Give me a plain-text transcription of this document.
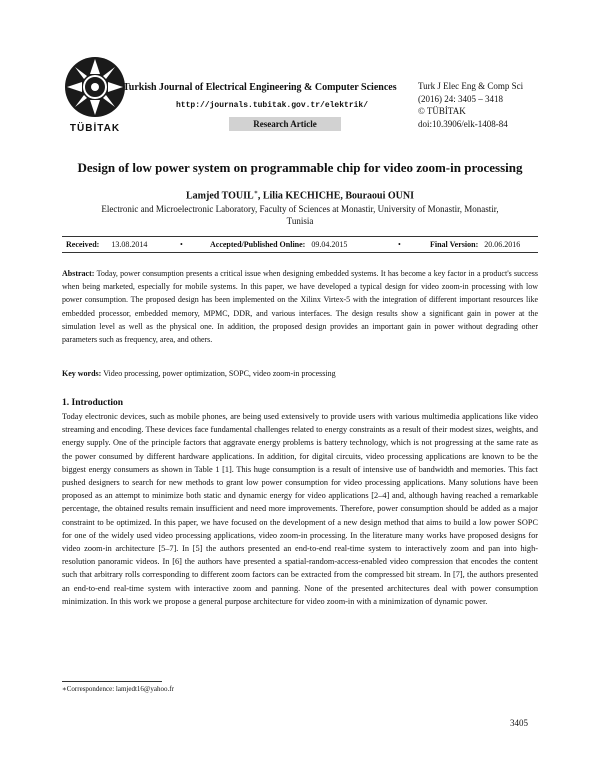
TÜBİTAK
Turkish Journal of Electrical Engineering & Computer Sciences
http://journals.tubitak.gov.tr/elektrik/
Research Article
Turk J Elec Eng & Comp Sci
(2016) 24: 3405 – 3418
© TÜBİTAK
doi:10.3906/elk-1408-84
Design of low power system on programmable chip for video zoom-in processing
Lamjed TOUIL∗, Lilia KECHICHE, Bouraoui OUNI
Electronic and Microelectronic Laboratory, Faculty of Sciences at Monastir, University of Monastir, Monastir, Tunisia
Received: 13.08.2014	•	Accepted/Published Online: 09.04.2015	•	Final Version: 20.06.2016
Abstract: Today, power consumption presents a critical issue when designing embedded systems. It has become a key factor in a product's success when being marketed, especially for mobile systems. In this paper, we have developed a typical design for video zoom-in processing with low power consumption. The proposed design has been implemented on the Xilinx Virtex-5 with the integration of different important resources like embedded processor, embedded memory, MPMC, DDR, and various interfaces. The design results show a significant gain in power at the simulation level as well as the physical one. In addition, the proposed design provides an important gain in power without degrading other parameters such as frequency, area, and others.
Key words: Video processing, power optimization, SOPC, video zoom-in processing
1. Introduction

Today electronic devices, such as mobile phones, are being used extensively to provide users with various multimedia applications like video streaming and encoding. These devices face fundamental challenges related to energy constraints as a result of their modest sizes, weights, and energy supply. One of the principle factors that aggravate energy problems is battery technology, which is not progressing at the same rate as the power consumed by different hardware applications. In addition, for digital circuits, video processing applications are known to be the biggest energy consumers as shown in Table 1 [1]. This huge consumption is a result of intensive use of bandwidth and memories. This fact pushed designers to search for new methods to grant low power consumption for video processing applications. Many solutions have been proposed as an attempt to minimize both static and dynamic energy for video applications [2–4] and, although having reached a remarkable percentage, the obtained results remain insufficient and need more improvements. Therefore, power consumption should be added as a major constraint to be optimized. In this paper, we have focused on the development of a new design method that aims to build a low power SOPC for one of the widely used video processing applications, video zoom-in processing. In the literature many works have proposed designs for video zoom-in architecture [5–7]. In [5] the authors presented an end-to-end real-time system to interactively zoom and pan into high-resolution panoramic videos. In [6] the authors have presented a spatial-random-access-enabled video compression that encodes the content such that arbitrary rolls corresponding to different zoom factors can be extracted from the compressed bit stream. In [7], the authors presented an end-to-end real-time system with interactive zoom and panning. None of the presented architectures deal with power consumption minimization. In this work we propose a general purpose architecture for video zoom-in with a minimization of dynamic power.

∗Correspondence: lamjedt16@yahoo.fr
3405
